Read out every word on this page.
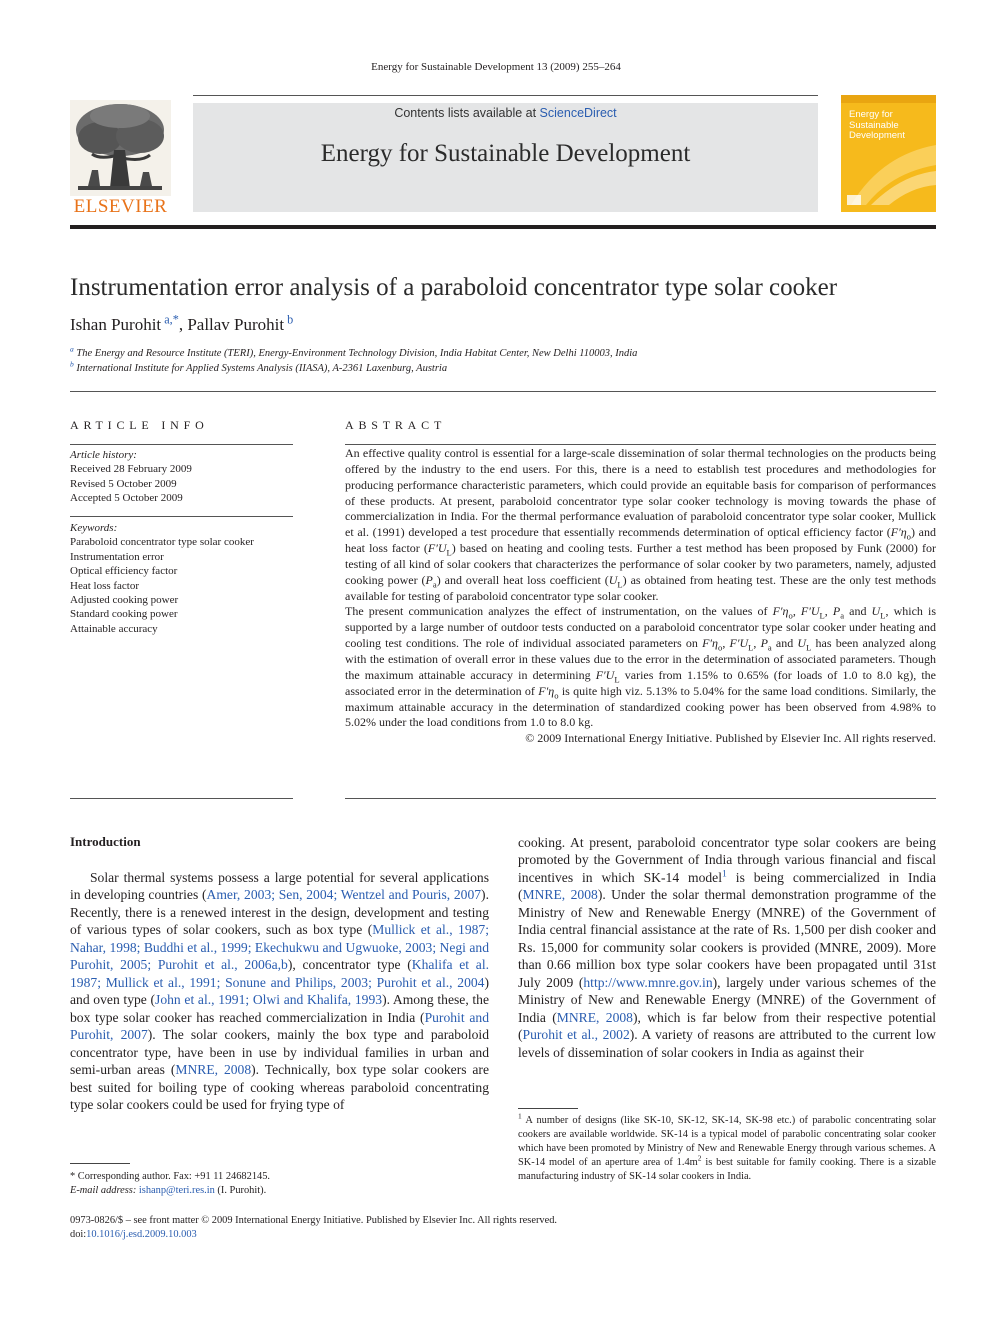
Energy for Sustainable Development 13 (2009) 255–264
ELSEVIER
Contents lists available at ScienceDirect
Energy for Sustainable Development
Energy for Sustainable Development
Instrumentation error analysis of a paraboloid concentrator type solar cooker
Ishan Purohit $^{a,*}$, Pallav Purohit $^b$
$^a$ The Energy and Resource Institute (TERI), Energy-Environment Technology Division, India Habitat Center, New Delhi 110003, India
$^b$ International Institute for Applied Systems Analysis (IIASA), A-2361 Laxenburg, Austria
ARTICLE INFO
Article history:
Received 28 February 2009
Revised 5 October 2009
Accepted 5 October 2009
Keywords:
Paraboloid concentrator type solar cooker
Instrumentation error
Optical efficiency factor
Heat loss factor
Adjusted cooking power
Standard cooking power
Attainable accuracy
ABSTRACT

An effective quality control is essential for a large-scale dissemination of solar thermal technologies on the products being offered by the industry to the end users. For this, there is a need to establish test procedures and methodologies for producing performance characteristic parameters, which could provide an equitable basis for comparison of performances of these products. At present, paraboloid concentrator type solar cooker technology is moving towards the phase of commercialization in India. For the thermal performance evaluation of paraboloid concentrator type solar cooker, Mullick et al. (1991) developed a test procedure that essentially recommends determination of optical efficiency factor $(F'\eta_o)$ and heat loss factor $(F'U_L)$ based on heating and cooling tests. Further a test method has been proposed by Funk (2000) for testing of all kind of solar cookers that characterizes the performance of solar cooker by two parameters, namely, adjusted cooking power $(P_a)$ and overall heat loss coefficient $(U_L)$ as obtained from heating test. These are the only test methods available for testing of paraboloid concentrator type solar cooker.

The present communication analyzes the effect of instrumentation, on the values of $F'\eta_o$, $F'U_L$, $P_a$ and $U_L$, which is supported by a large number of outdoor tests conducted on a paraboloid concentrator type solar cooker under heating and cooling test conditions. The role of individual associated parameters on $F'\eta_o$, $F'U_L$, $P_a$ and $U_L$ has been analyzed along with the estimation of overall error in these values due to the error in the determination of associated parameters. Though the maximum attainable accuracy in determining $F'U_L$ varies from 1.15% to 0.65% (for loads of 1.0 to 8.0 kg), the associated error in the determination of $F'\eta_o$ is quite high viz. 5.13% to 5.04% for the same load conditions. Similarly, the maximum attainable accuracy in the determination of standardized cooking power has been observed from 4.98% to 5.02% under the load conditions from 1.0 to 8.0 kg.

© 2009 International Energy Initiative. Published by Elsevier Inc. All rights reserved.

Introduction

Solar thermal systems possess a large potential for several applications in developing countries (Amer, 2003; Sen, 2004; Wentzel and Pouris, 2007). Recently, there is a renewed interest in the design, development and testing of various types of solar cookers, such as box type (Mullick et al., 1987; Nahar, 1998; Buddhi et al., 1999; Ekechukwu and Ugwuoke, 2003; Negi and Purohit, 2005; Purohit et al., 2006a,b), concentrator type (Khalifa et al. 1987; Mullick et al., 1991; Sonune and Philips, 2003; Purohit et al., 2004) and oven type (John et al., 1991; Olwi and Khalifa, 1993). Among these, the box type solar cooker has reached commercialization in India (Purohit and Purohit, 2007). The solar cookers, mainly the box type and paraboloid concentrator type, have been in use by individual families in urban and semi-urban areas (MNRE, 2008). Technically, box type solar cookers are best suited for boiling type of cooking whereas paraboloid concentrating type solar cookers could be used for frying type of

cooking. At present, paraboloid concentrator type solar cookers are being promoted by the Government of India through various financial and fiscal incentives in which SK-14 model$^1$ is being commercialized in India (MNRE, 2008). Under the solar thermal demonstration programme of the Ministry of New and Renewable Energy (MNRE) of the Government of India central financial assistance at the rate of Rs. 1,500 per dish cooker and Rs. 15,000 for community solar cookers is provided (MNRE, 2009). More than 0.66 million box type solar cookers have been propagated until 31st July 2009 (http://www.mnre.gov.in), largely under various schemes of the Ministry of New and Renewable Energy (MNRE) of the Government of India (MNRE, 2008), which is far below from their respective potential (Purohit et al., 2002). A variety of reasons are attributed to the current low levels of dissemination of solar cookers in India as against their

$^1$ A number of designs (like SK-10, SK-12, SK-14, SK-98 etc.) of parabolic concentrating solar cookers are available worldwide. SK-14 is a typical model of parabolic concentrating solar cooker which have been promoted by Ministry of New and Renewable Energy through various schemes. A SK-14 model of an aperture area of $1.4m^2$ is best suitable for family cooking. There is a sizable manufacturing industry of SK-14 solar cookers in India.
* Corresponding author. Fax: +91 11 24682145.
E-mail address: ishanp@teri.res.in (I. Purohit).
0973-0826/$ – see front matter © 2009 International Energy Initiative. Published by Elsevier Inc. All rights reserved.
doi:10.1016/j.esd.2009.10.003
